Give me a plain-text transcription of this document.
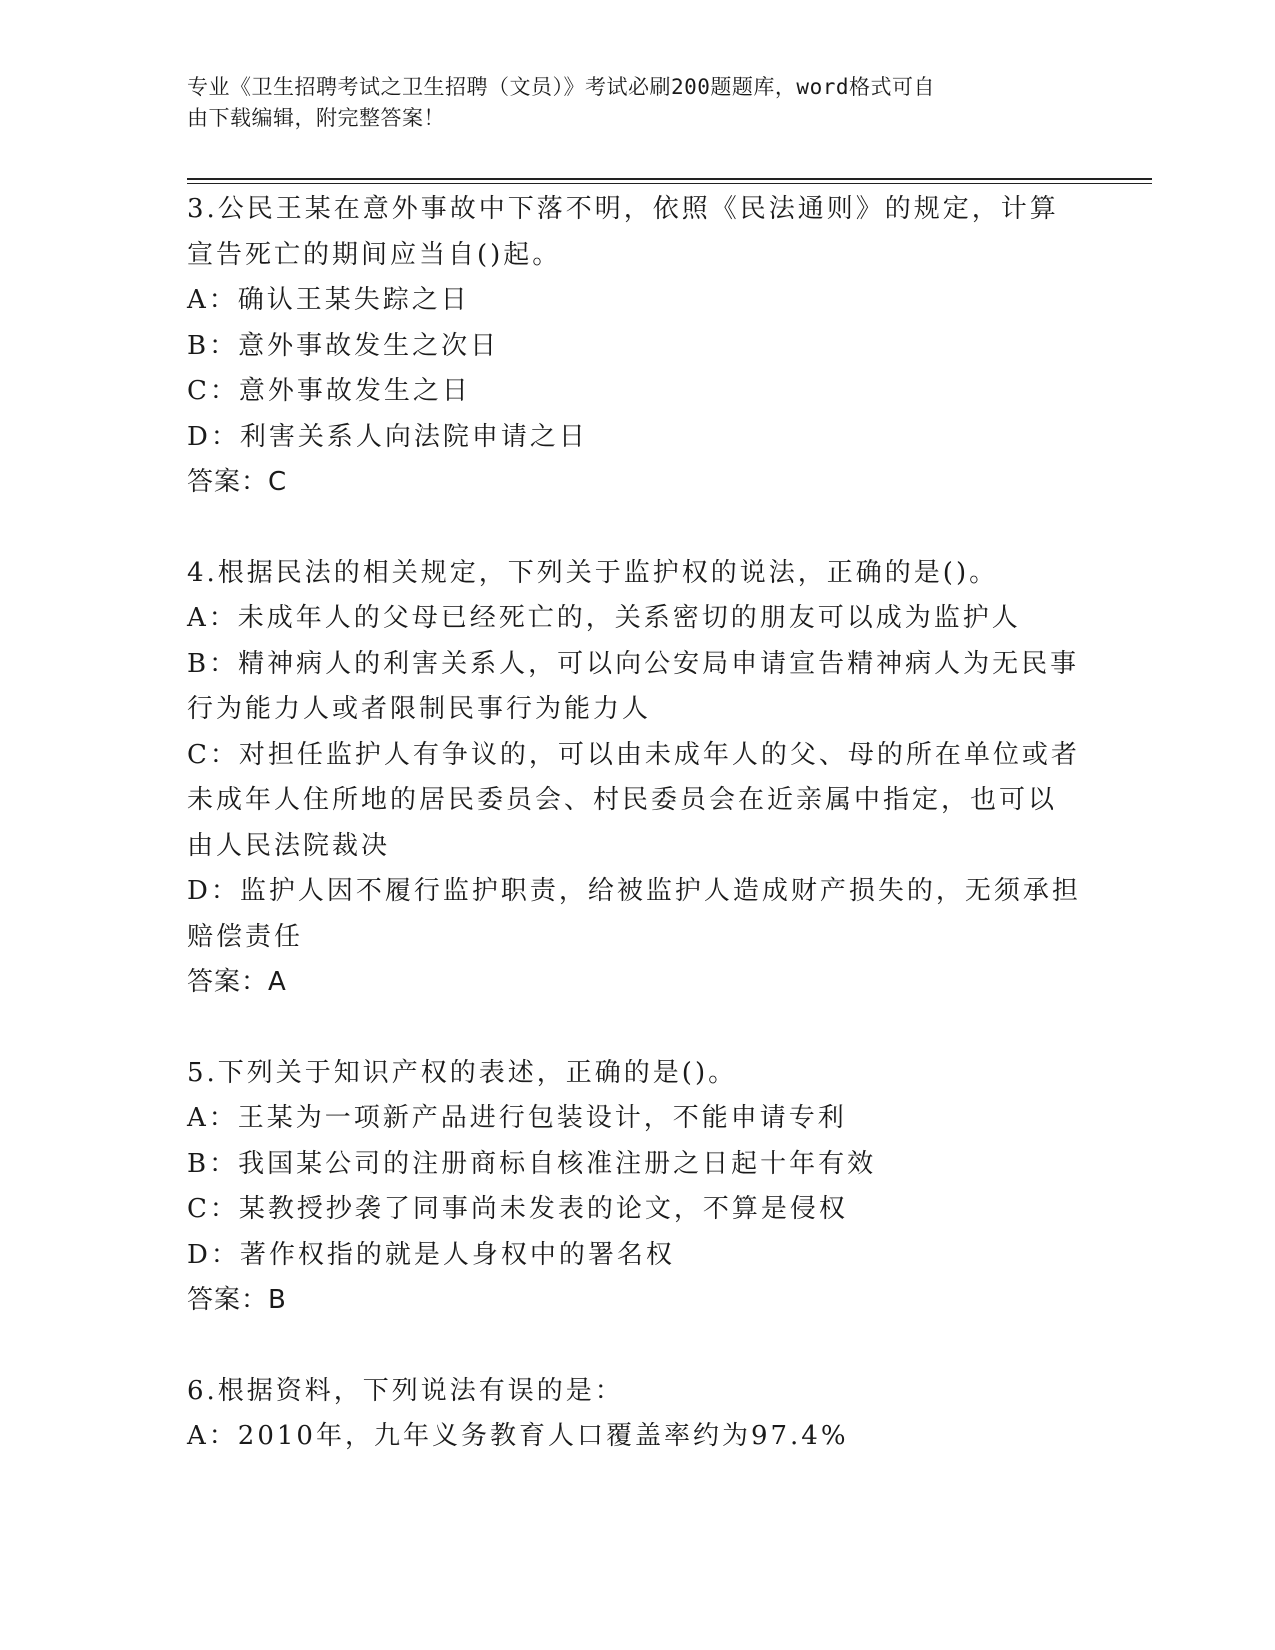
专业《卫生招聘考试之卫生招聘（文员）》考试必刷200题题库，word格式可自
由下载编辑，附完整答案！
3.公民王某在意外事故中下落不明，依照《民法通则》的规定，计算
宣告死亡的期间应当自()起。
A：确认王某失踪之日
B：意外事故发生之次日
C：意外事故发生之日
D：利害关系人向法院申请之日
答案：C
4.根据民法的相关规定，下列关于监护权的说法，正确的是()。
A：未成年人的父母已经死亡的，关系密切的朋友可以成为监护人
B：精神病人的利害关系人，可以向公安局申请宣告精神病人为无民事
行为能力人或者限制民事行为能力人
C：对担任监护人有争议的，可以由未成年人的父、母的所在单位或者
未成年人住所地的居民委员会、村民委员会在近亲属中指定，也可以
由人民法院裁决
D：监护人因不履行监护职责，给被监护人造成财产损失的，无须承担
赔偿责任
答案：A
5.下列关于知识产权的表述，正确的是()。
A：王某为一项新产品进行包装设计，不能申请专利
B：我国某公司的注册商标自核准注册之日起十年有效
C：某教授抄袭了同事尚未发表的论文，不算是侵权
D：著作权指的就是人身权中的署名权
答案：B
6.根据资料，下列说法有误的是：
A：2010年，九年义务教育人口覆盖率约为97.4%
